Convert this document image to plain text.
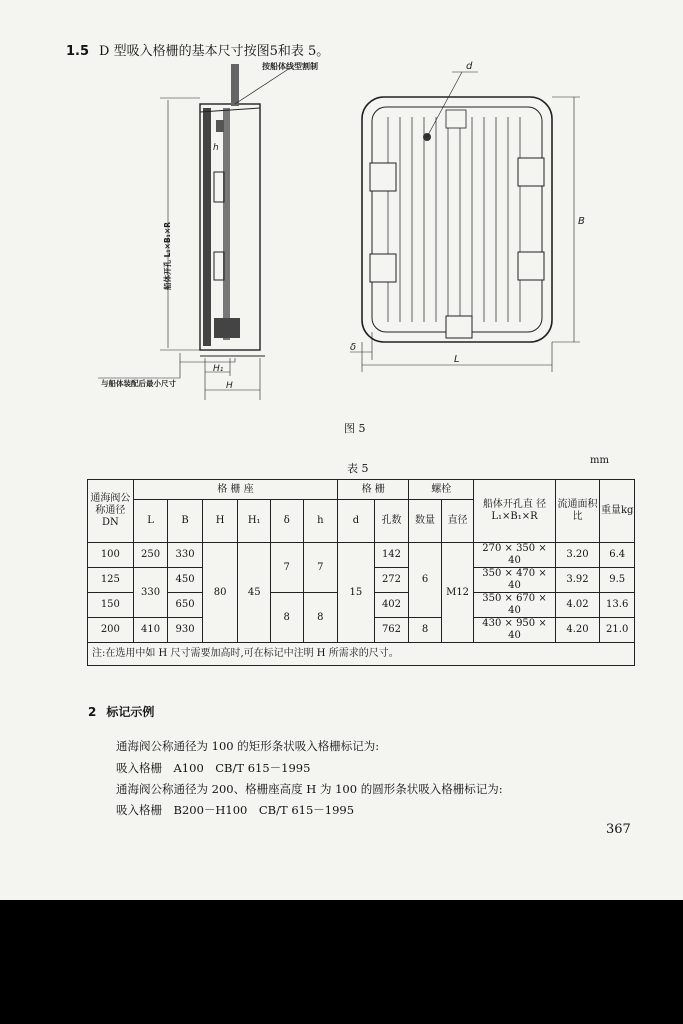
1.5 D 型吸入格栅的基本尺寸按图5和表 5。
按船体线型割制
与船体装配后最小尺寸
船体开孔 L₁×B₁×R
h
H₁
H
d
B
L
δ
图 5
表 5
mm
通海阀公称通径DN	格 栅 座						格 栅		螺栓		船体开孔直 径L₁×B₁×R	流通面积比	重量kg
	L	B	H	H₁	δ	h	d	孔数	数量	直径			
100	250	330	80	45	7	7	15	142	6	M12	270 × 350 × 40	3.20	6.4
125	330	450						272			350 × 470 × 40	3.92	9.5
150		650			8	8		402			350 × 670 × 40	4.02	13.6
200	410	930						762	8		430 × 950 × 40	4.20	21.0
注:在选用中如 H 尺寸需要加高时,可在标记中注明 H 所需求的尺寸。													
2 标记示例
通海阀公称通径为 100 的矩形条状吸入格栅标记为:
吸入格栅　A100　CB/T 615－1995
通海阀公称通径为 200、格栅座高度 H 为 100 的圆形条状吸入格栅标记为:
吸入格栅　B200－H100　CB/T 615－1995
367
